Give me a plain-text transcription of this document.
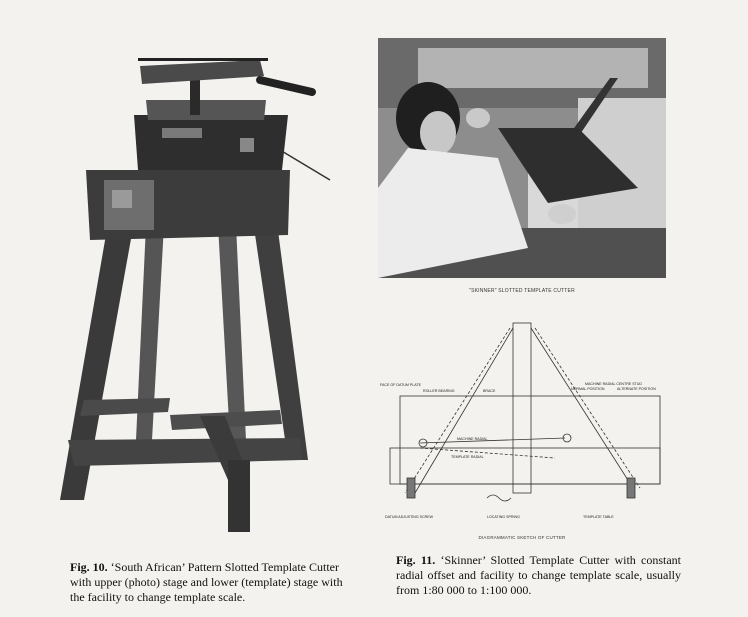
"SKINNER" SLOTTED TEMPLATE CUTTER
FACE OF DATUM PLATE
ROLLER BEARING	BRACE
MACHINE RADIAL CENTRE STUD
NORMAL POSITION	ALTERNATE POSITION
MACHINE RADIAL
TEMPLATE RADIAL
DATUM ADJUSTING SCREW	LOCATING SPRING	TEMPLATE TABLE
DIAGRAMMATIC SKETCH OF CUTTER
Fig. 10. ‘South African’ Pattern Slotted Template Cutter with upper (photo) stage and lower (template) stage with the facility to change template scale.
Fig. 11. ‘Skinner’ Slotted Template Cutter with constant radial offset and facility to change template scale, usually from 1:80 000 to 1:100 000.
